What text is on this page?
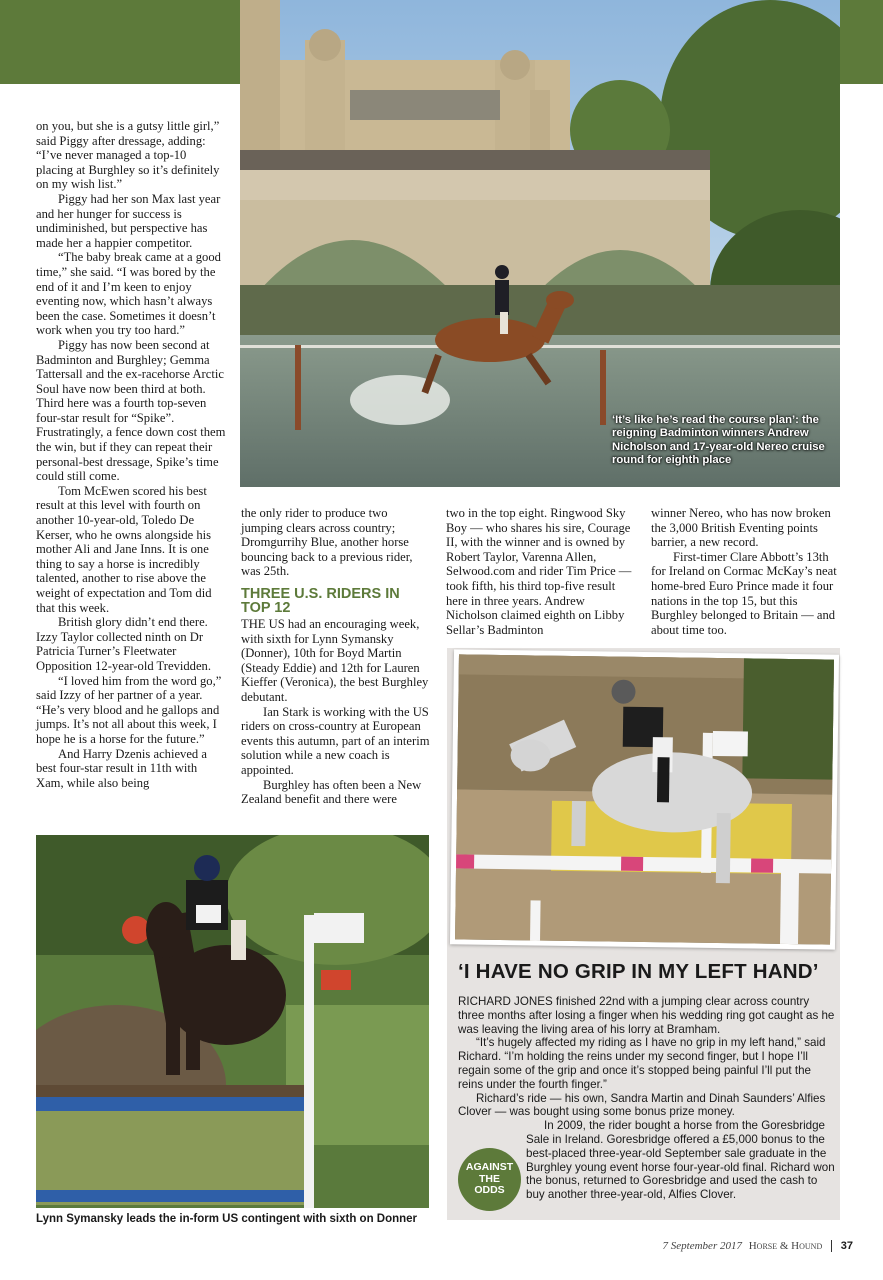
‘It’s like he’s read the course plan’: the reigning Badminton winners Andrew Nicholson and 17-year-old Nereo cruise round for eighth place

on you, but she is a gutsy little girl,” said Piggy after dressage, adding: “I’ve never managed a top-10 placing at Burghley so it’s definitely on my wish list.”

Piggy had her son Max last year and her hunger for success is undiminished, but perspective has made her a happier competitor.

“The baby break came at a good time,” she said. “I was bored by the end of it and I’m keen to enjoy eventing now, which hasn’t always been the case. Sometimes it doesn’t work when you try too hard.”

Piggy has now been second at Badminton and Burghley; Gemma Tattersall and the ex-racehorse Arctic Soul have now been third at both. Third here was a fourth top-seven four-star result for “Spike”. Frustratingly, a fence down cost them the win, but if they can repeat their personal-best dressage, Spike’s time could still come.

Tom McEwen scored his best result at this level with fourth on another 10-year-old, Toledo De Kerser, who he owns alongside his mother Ali and Jane Inns. It is one thing to say a horse is incredibly talented, another to rise above the weight of expectation and Tom did that this week.

British glory didn’t end there. Izzy Taylor collected ninth on Dr Patricia Turner’s Fleetwater Opposition 12-year-old Trevidden.

“I loved him from the word go,” said Izzy of her partner of a year. “He’s very blood and he gallops and jumps. It’s not all about this week, I hope he is a horse for the future.”

And Harry Dzenis achieved a best four-star result in 11th with Xam, while also being

the only rider to produce two jumping clears across country; Dromgurrihy Blue, another horse bouncing back to a previous rider, was 25th.

THREE U.S. RIDERS IN TOP 12

THE US had an encouraging week, with sixth for Lynn Symansky (Donner), 10th for Boyd Martin (Steady Eddie) and 12th for Lauren Kieffer (Veronica), the best Burghley debutant.

Ian Stark is working with the US riders on cross-country at European events this autumn, part of an interim solution while a new coach is appointed.

Burghley has often been a New Zealand benefit and there were

two in the top eight. Ringwood Sky Boy — who shares his sire, Courage II, with the winner and is owned by Robert Taylor, Varenna Allen, Selwood.com and rider Tim Price — took fifth, his third top-five result here in three years. Andrew Nicholson claimed eighth on Libby Sellar’s Badminton

winner Nereo, who has now broken the 3,000 British Eventing points barrier, a new record.

First-timer Clare Abbott’s 13th for Ireland on Cormac McKay’s neat home-bred Euro Prince made it four nations in the top 15, but this Burghley belonged to Britain — and about time too.

Lynn Symansky leads the in-form US contingent with sixth on Donner
‘I HAVE NO GRIP IN MY LEFT HAND’

RICHARD JONES finished 22nd with a jumping clear across country three months after losing a finger when his wedding ring got caught as he was leaving the living area of his lorry at Bramham.

“It’s hugely affected my riding as I have no grip in my left hand,” said Richard. “I’m holding the reins under my second finger, but I hope I’ll regain some of the grip and once it’s stopped being painful I’ll put the reins under the fourth finger.”

Richard’s ride — his own, Sandra Martin and Dinah Saunders’ Alfies Clover — was bought using some bonus prize money.

In 2009, the rider bought a horse from the Goresbridge Sale in Ireland. Goresbridge offered a £5,000 bonus to the best-placed three-year-old September sale graduate in the Burghley young event horse four-year-old final. Richard won the bonus, returned to Goresbridge and used the cash to buy another three-year-old, Alfies Clover.

AGAINST
THE
ODDS
7 September 2017 Horse & Hound 37
